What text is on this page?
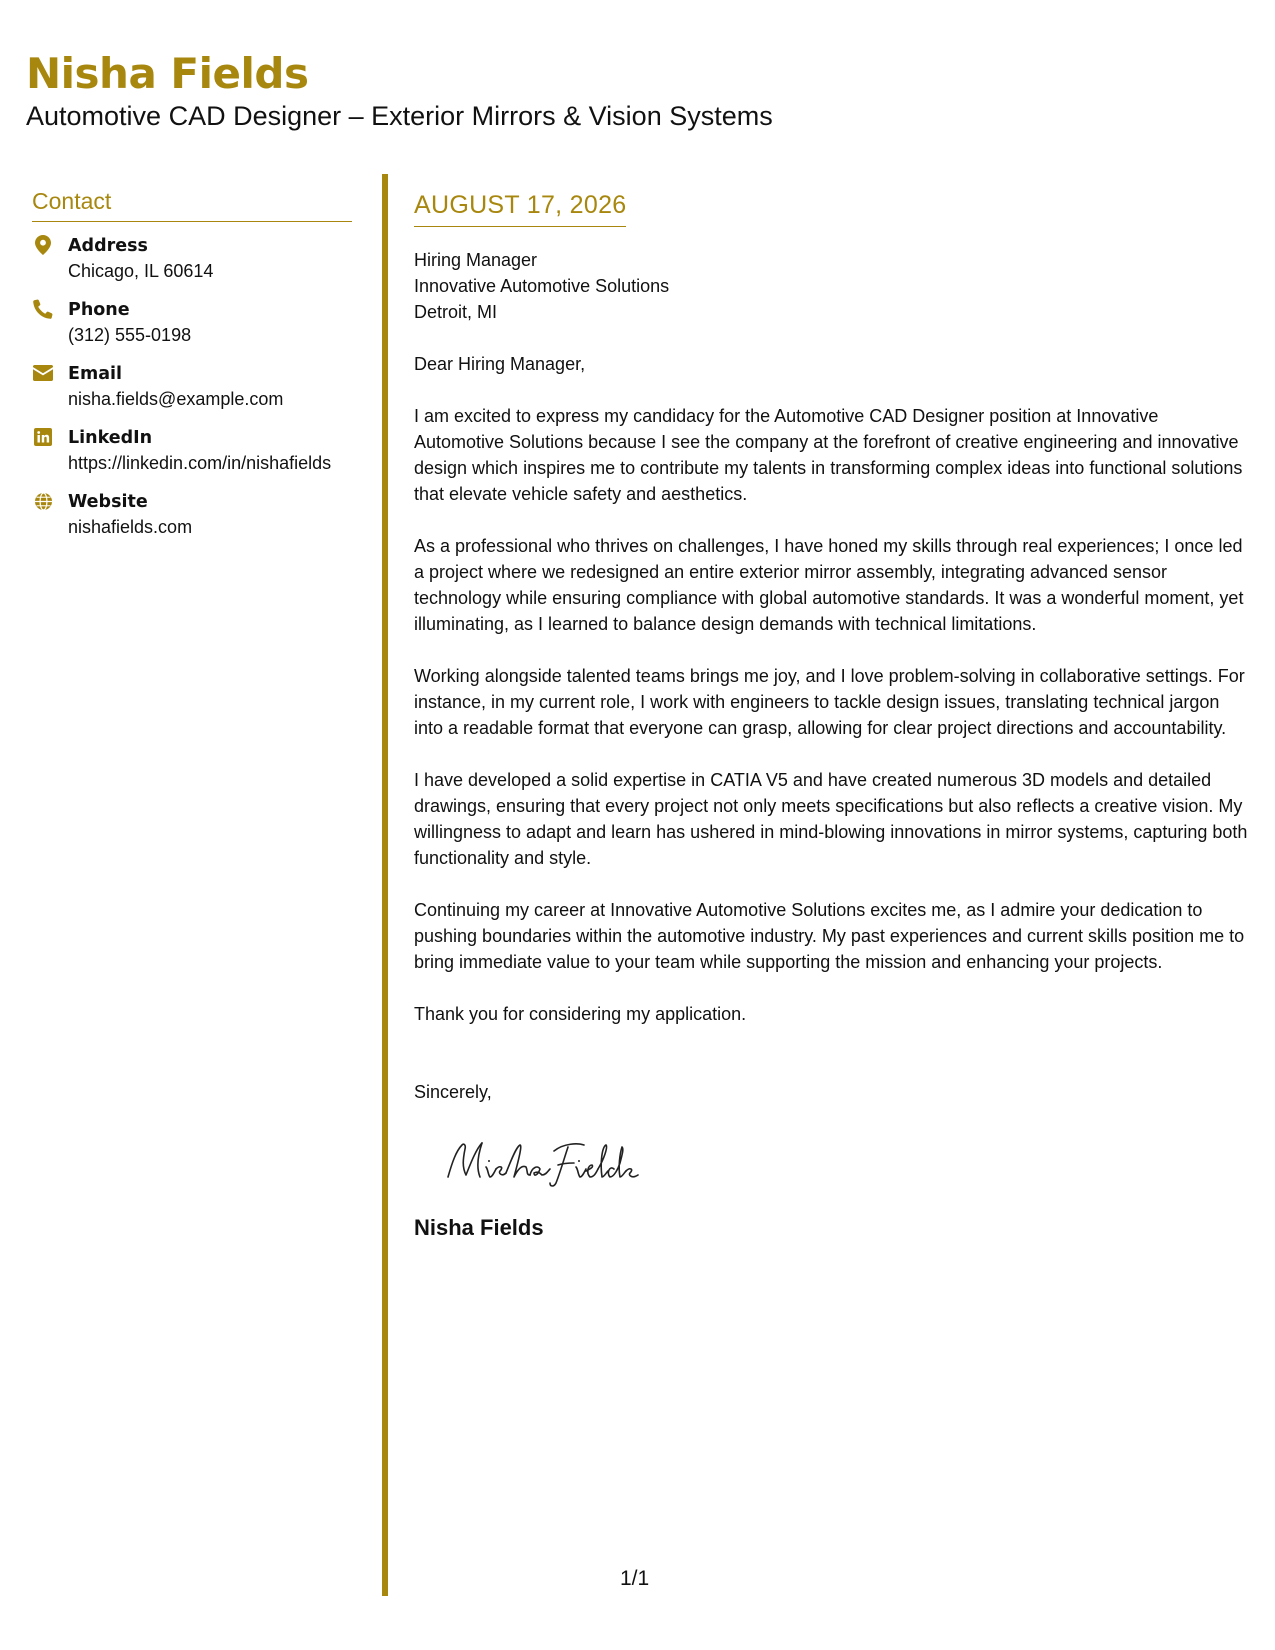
Nisha Fields
Automotive CAD Designer – Exterior Mirrors & Vision Systems
Contact
Address
Chicago, IL 60614
Phone
(312) 555-0198
Email
nisha.fields@example.com
LinkedIn
https://linkedin.com/in/nishafields
Website
nishafields.com
AUGUST 17, 2026
Hiring Manager
Innovative Automotive Solutions
Detroit, MI
Dear Hiring Manager,
I am excited to express my candidacy for the Automotive CAD Designer position at Innovative Automotive Solutions because I see the company at the forefront of creative engineering and innovative design which inspires me to contribute my talents in transforming complex ideas into functional solutions that elevate vehicle safety and aesthetics.
As a professional who thrives on challenges, I have honed my skills through real experiences; I once led a project where we redesigned an entire exterior mirror assembly, integrating advanced sensor technology while ensuring compliance with global automotive standards. It was a wonderful moment, yet illuminating, as I learned to balance design demands with technical limitations.
Working alongside talented teams brings me joy, and I love problem-solving in collaborative settings. For instance, in my current role, I work with engineers to tackle design issues, translating technical jargon into a readable format that everyone can grasp, allowing for clear project directions and accountability.
I have developed a solid expertise in CATIA V5 and have created numerous 3D models and detailed drawings, ensuring that every project not only meets specifications but also reflects a creative vision. My willingness to adapt and learn has ushered in mind-blowing innovations in mirror systems, capturing both functionality and style.
Continuing my career at Innovative Automotive Solutions excites me, as I admire your dedication to pushing boundaries within the automotive industry. My past experiences and current skills position me to bring immediate value to your team while supporting the mission and enhancing your projects.
Thank you for considering my application.
Sincerely,
Nisha Fields
1/1
